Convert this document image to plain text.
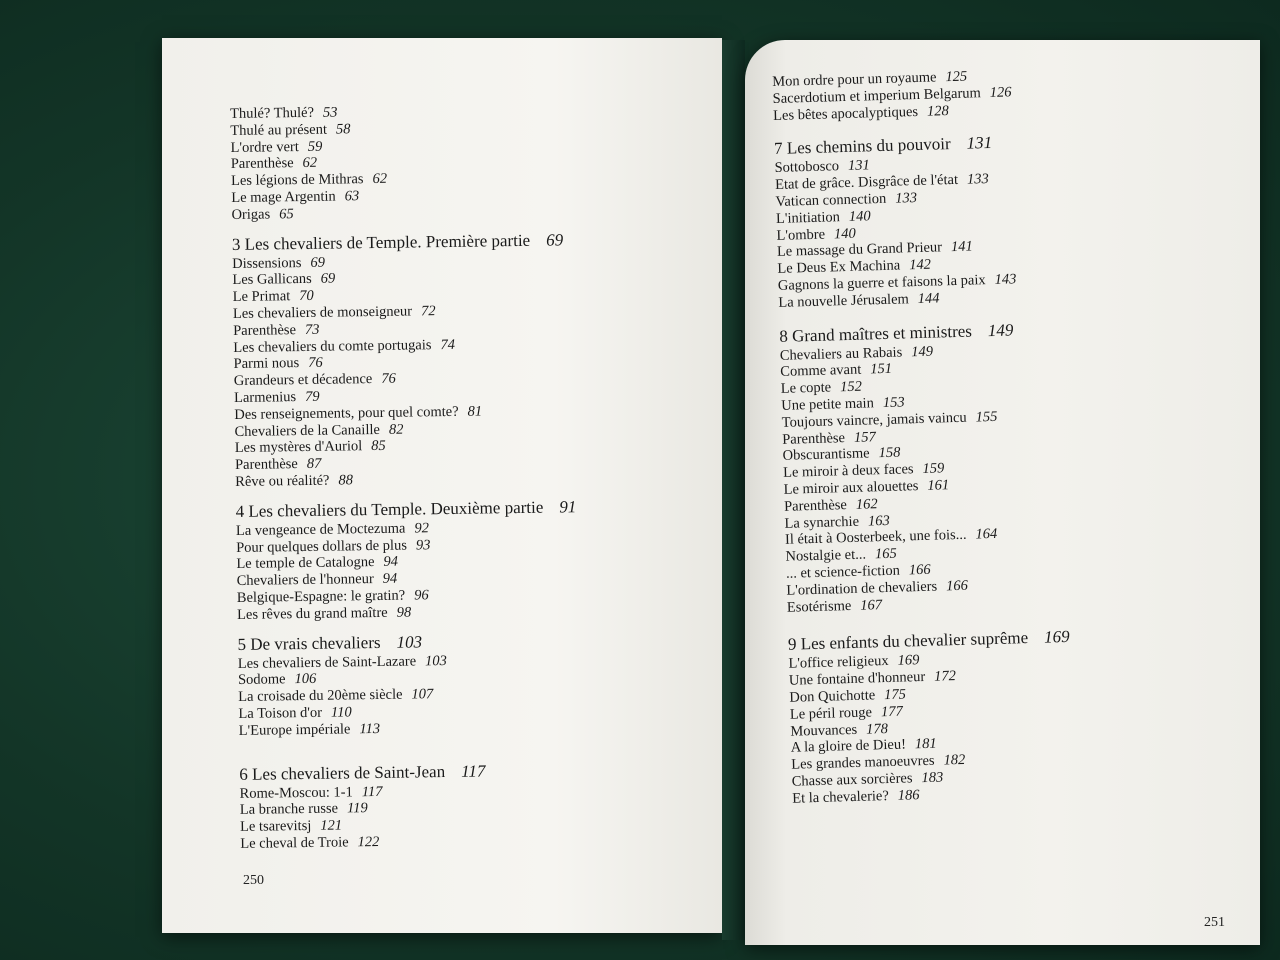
Thulé? Thulé? 53
Thulé au présent 58
L'ordre vert 59
Parenthèse 62
Les légions de Mithras 62
Le mage Argentin 63
Origas 65
3 Les chevaliers de Temple. Première partie 69
Dissensions 69
Les Gallicans 69
Le Primat 70
Les chevaliers de monseigneur 72
Parenthèse 73
Les chevaliers du comte portugais 74
Parmi nous 76
Grandeurs et décadence 76
Larmenius 79
Des renseignements, pour quel comte? 81
Chevaliers de la Canaille 82
Les mystères d'Auriol 85
Parenthèse 87
Rêve ou réalité? 88
4 Les chevaliers du Temple. Deuxième partie 91
La vengeance de Moctezuma 92
Pour quelques dollars de plus 93
Le temple de Catalogne 94
Chevaliers de l'honneur 94
Belgique-Espagne: le gratin? 96
Les rêves du grand maître 98
5 De vrais chevaliers 103
Les chevaliers de Saint-Lazare 103
Sodome 106
La croisade du 20ème siècle 107
La Toison d'or 110
L'Europe impériale 113
6 Les chevaliers de Saint-Jean 117
Rome-Moscou: 1-1 117
La branche russe 119
Le tsarevitsj 121
Le cheval de Troie 122
Mon ordre pour un royaume 125
Sacerdotium et imperium Belgarum 126
Les bêtes apocalyptiques 128
7 Les chemins du pouvoir 131
Sottobosco 131
Etat de grâce. Disgrâce de l'état 133
Vatican connection 133
L'initiation 140
L'ombre 140
Le massage du Grand Prieur 141
Le Deus Ex Machina 142
Gagnons la guerre et faisons la paix 143
La nouvelle Jérusalem 144
8 Grand maîtres et ministres 149
Chevaliers au Rabais 149
Comme avant 151
Le copte 152
Une petite main 153
Toujours vaincre, jamais vaincu 155
Parenthèse 157
Obscurantisme 158
Le miroir à deux faces 159
Le miroir aux alouettes 161
Parenthèse 162
La synarchie 163
Il était à Oosterbeek, une fois... 164
Nostalgie et... 165
... et science-fiction 166
L'ordination de chevaliers 166
Esotérisme 167
9 Les enfants du chevalier suprême 169
L'office religieux 169
Une fontaine d'honneur 172
Don Quichotte 175
Le péril rouge 177
Mouvances 178
A la gloire de Dieu! 181
Les grandes manoeuvres 182
Chasse aux sorcières 183
Et la chevalerie? 186
250
251
